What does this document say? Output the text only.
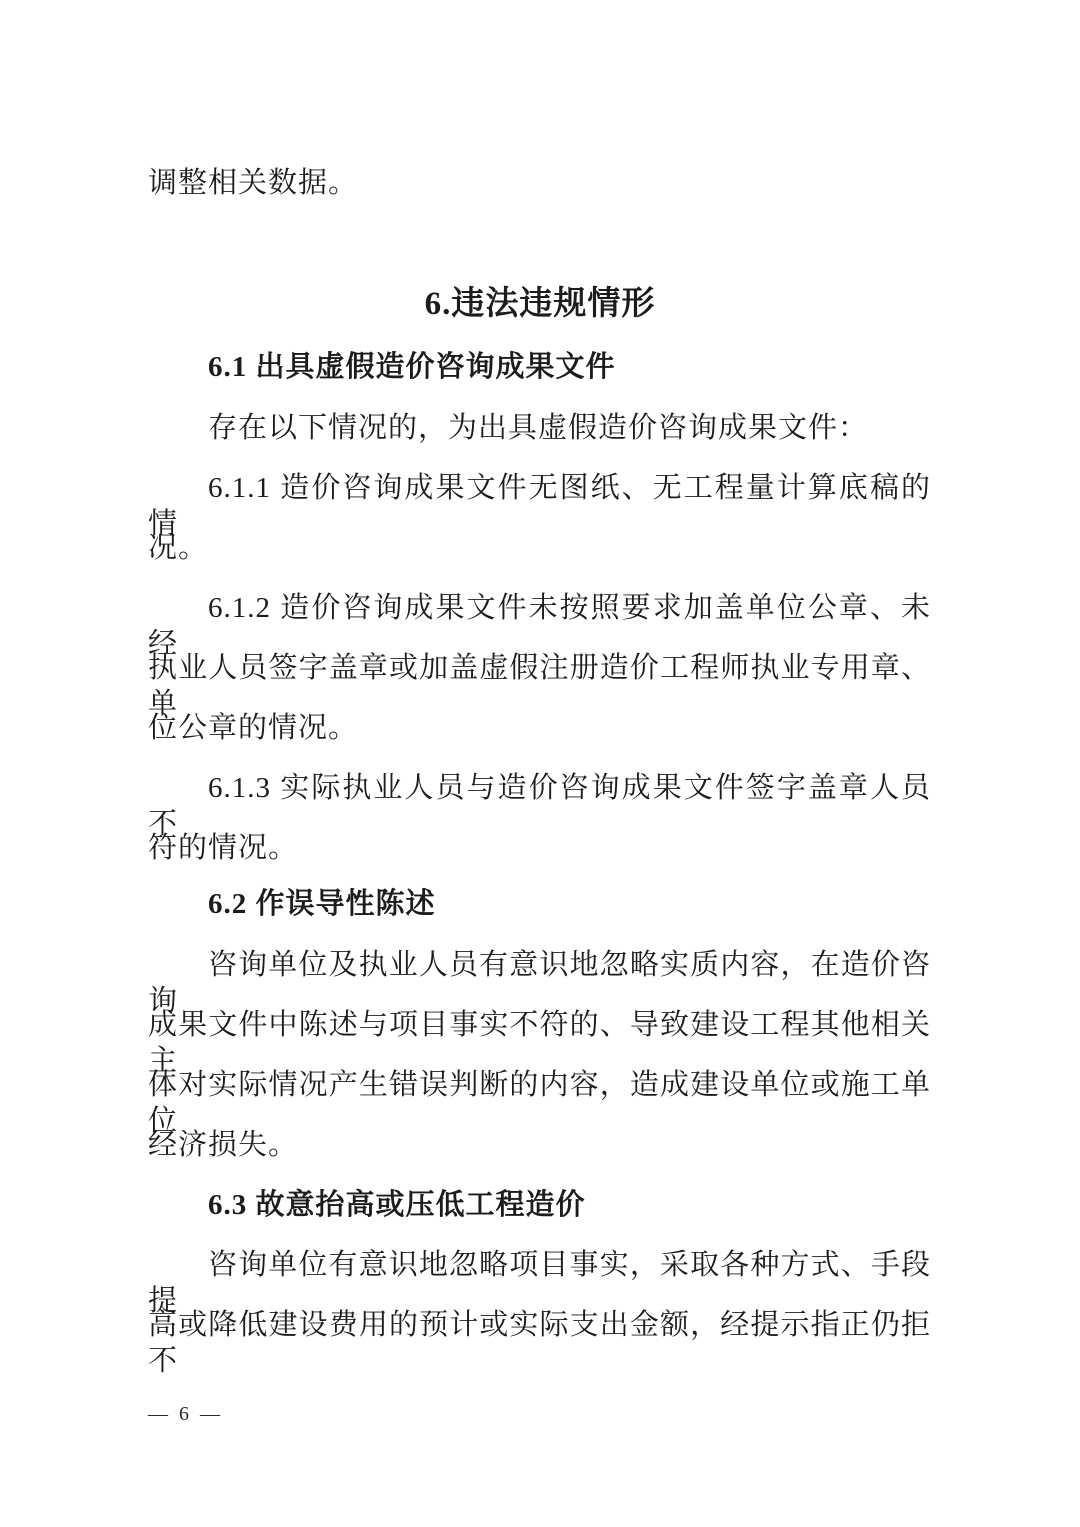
调整相关数据。
6.违法违规情形
6.1 出具虚假造价咨询成果文件
存在以下情况的，为出具虚假造价咨询成果文件：
6.1.1 造价咨询成果文件无图纸、无工程量计算底稿的情
况。
6.1.2 造价咨询成果文件未按照要求加盖单位公章、未经
执业人员签字盖章或加盖虚假注册造价工程师执业专用章、单
位公章的情况。
6.1.3 实际执业人员与造价咨询成果文件签字盖章人员不
符的情况。
6.2 作误导性陈述
咨询单位及执业人员有意识地忽略实质内容，在造价咨询
成果文件中陈述与项目事实不符的、导致建设工程其他相关主
体对实际情况产生错误判断的内容，造成建设单位或施工单位
经济损失。
6.3 故意抬高或压低工程造价
咨询单位有意识地忽略项目事实，采取各种方式、手段提
高或降低建设费用的预计或实际支出金额，经提示指正仍拒不
— 6 —
